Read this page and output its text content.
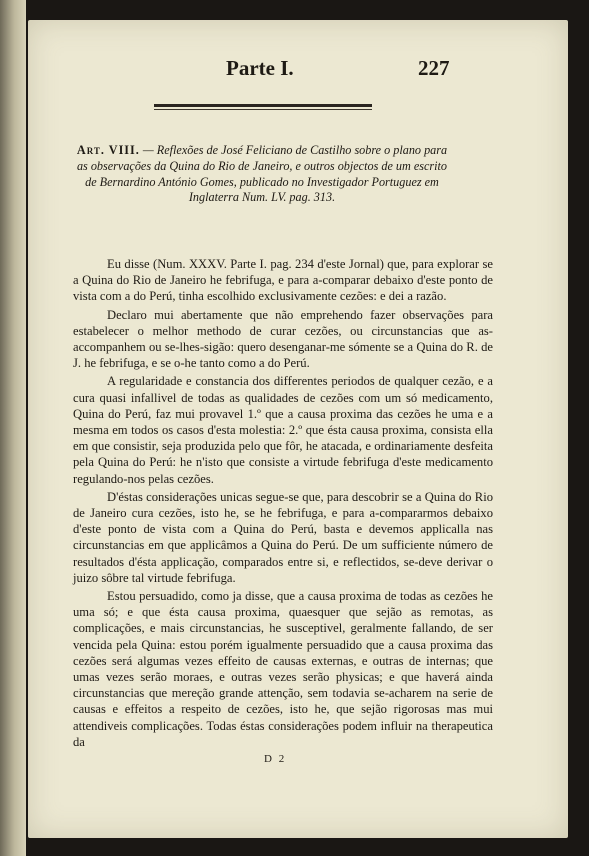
Parte I.	227
Art. VIII. — Reflexões de José Feliciano de Castilho sobre o plano para as observações da Quina do Rio de Janeiro, e outros objectos de um escrito de Bernardino António Gomes, publicado no Investigador Portuguez em Inglaterra Num. LV. pag. 313.

Eu disse (Num. XXXV. Parte I. pag. 234 d'este Jornal) que, para explorar se a Quina do Rio de Janeiro he febrifuga, e para a-comparar debaixo d'este ponto de vista com a do Perú, tinha escolhido exclusivamente cezões: e dei a razão.

Declaro mui abertamente que não emprehendo fazer observações para estabelecer o melhor methodo de curar cezões, ou circunstancias que as-accompanhem ou se-lhes-sigão: quero desenganar-me sómente se a Quina do R. de J. he febrifuga, e se o-he tanto como a do Perú.

A regularidade e constancia dos differentes periodos de qualquer cezão, e a cura quasi infallivel de todas as qualidades de cezões com um só medicamento, Quina do Perú, faz mui provavel 1.º que a causa proxima das cezões he uma e a mesma em todos os casos d'esta molestia: 2.º que ésta causa proxima, consista ella em que consistir, seja produzida pelo que fôr, he atacada, e ordinariamente desfeita pela Quina do Perú: he n'isto que consiste a virtude febrifuga d'este medicamento regulando-nos pelas cezões.

D'éstas considerações unicas segue-se que, para descobrir se a Quina do Rio de Janeiro cura cezões, isto he, se he febrifuga, e para a-compararmos debaixo d'este ponto de vista com a Quina do Perú, basta e devemos applicalla nas circunstancias em que applicâmos a Quina do Perú. De um sufficiente número de resultados d'ésta applicação, comparados entre si, e reflectidos, se-deve derivar o juizo sôbre tal virtude febrifuga.

Estou persuadido, como ja disse, que a causa proxima de todas as cezões he uma só; e que ésta causa proxima, quaesquer que sejão as remotas, as complicações, e mais circunstancias, he susceptivel, geralmente fallando, de ser vencida pela Quina: estou porém igualmente persuadido que a causa proxima das cezões será algumas vezes effeito de causas externas, e outras de internas; que umas vezes serão moraes, e outras vezes serão physicas; e que haverá ainda circunstancias que mereção grande attenção, sem todavia se-acharem na serie de causas e effeitos a respeito de cezões, isto he, que sejão rigorosas mas mui attendiveis complicações. Todas éstas considerações podem influir na therapeutica da

D 2
